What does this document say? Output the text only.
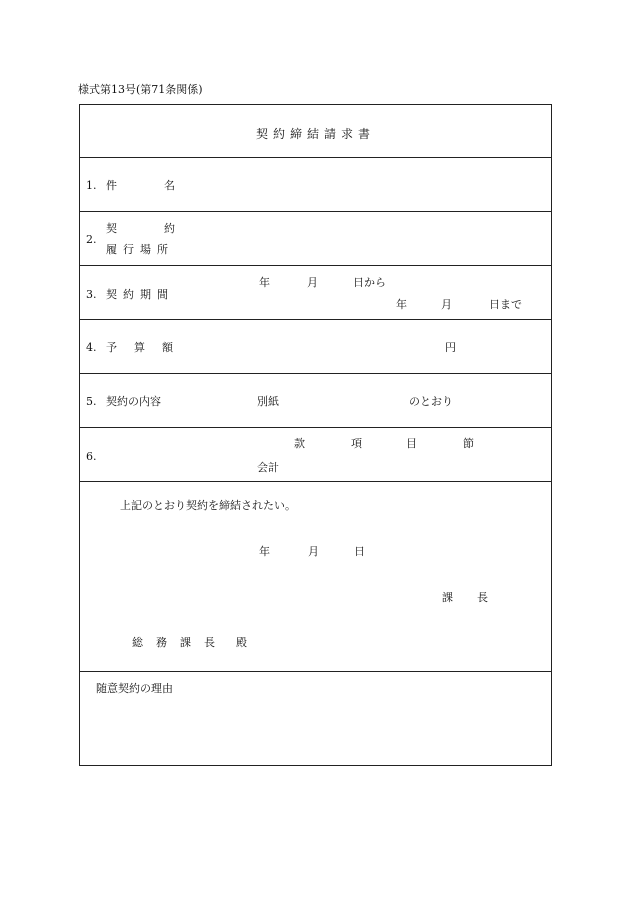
様式第13号(第71条関係)
契約締結請求書
1. 件	名
2.
契	約
履行場所
3. 契約期間
年	月	日から
年	月	日まで
4. 予算額	円
5. 契約の内容	別紙	のとおり
6.
款	項	目	節
会計
上記のとおり契約を締結されたい。
年	月	日
課長
総務課長 殿
随意契約の理由
